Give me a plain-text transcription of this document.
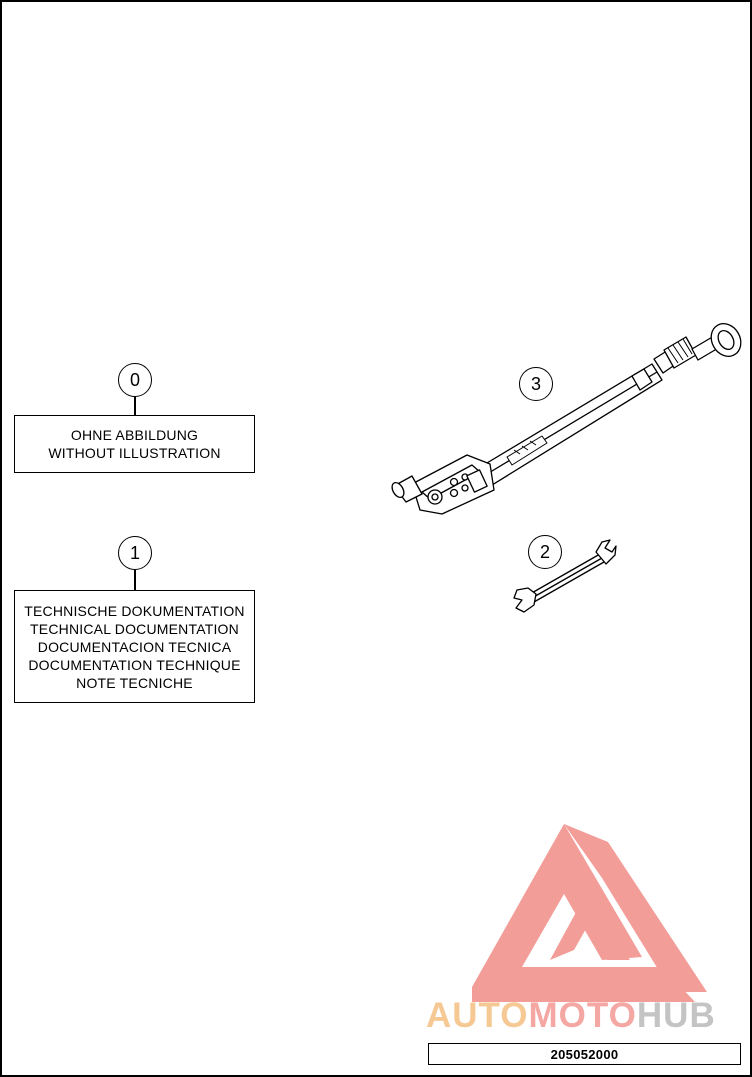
AUTOMOTOHUB
0
OHNE ABBILDUNG
WITHOUT ILLUSTRATION
1
TECHNISCHE DOKUMENTATION
TECHNICAL DOCUMENTATION
DOCUMENTACION TECNICA
DOCUMENTATION TECHNIQUE
NOTE TECNICHE
3
2
205052000
